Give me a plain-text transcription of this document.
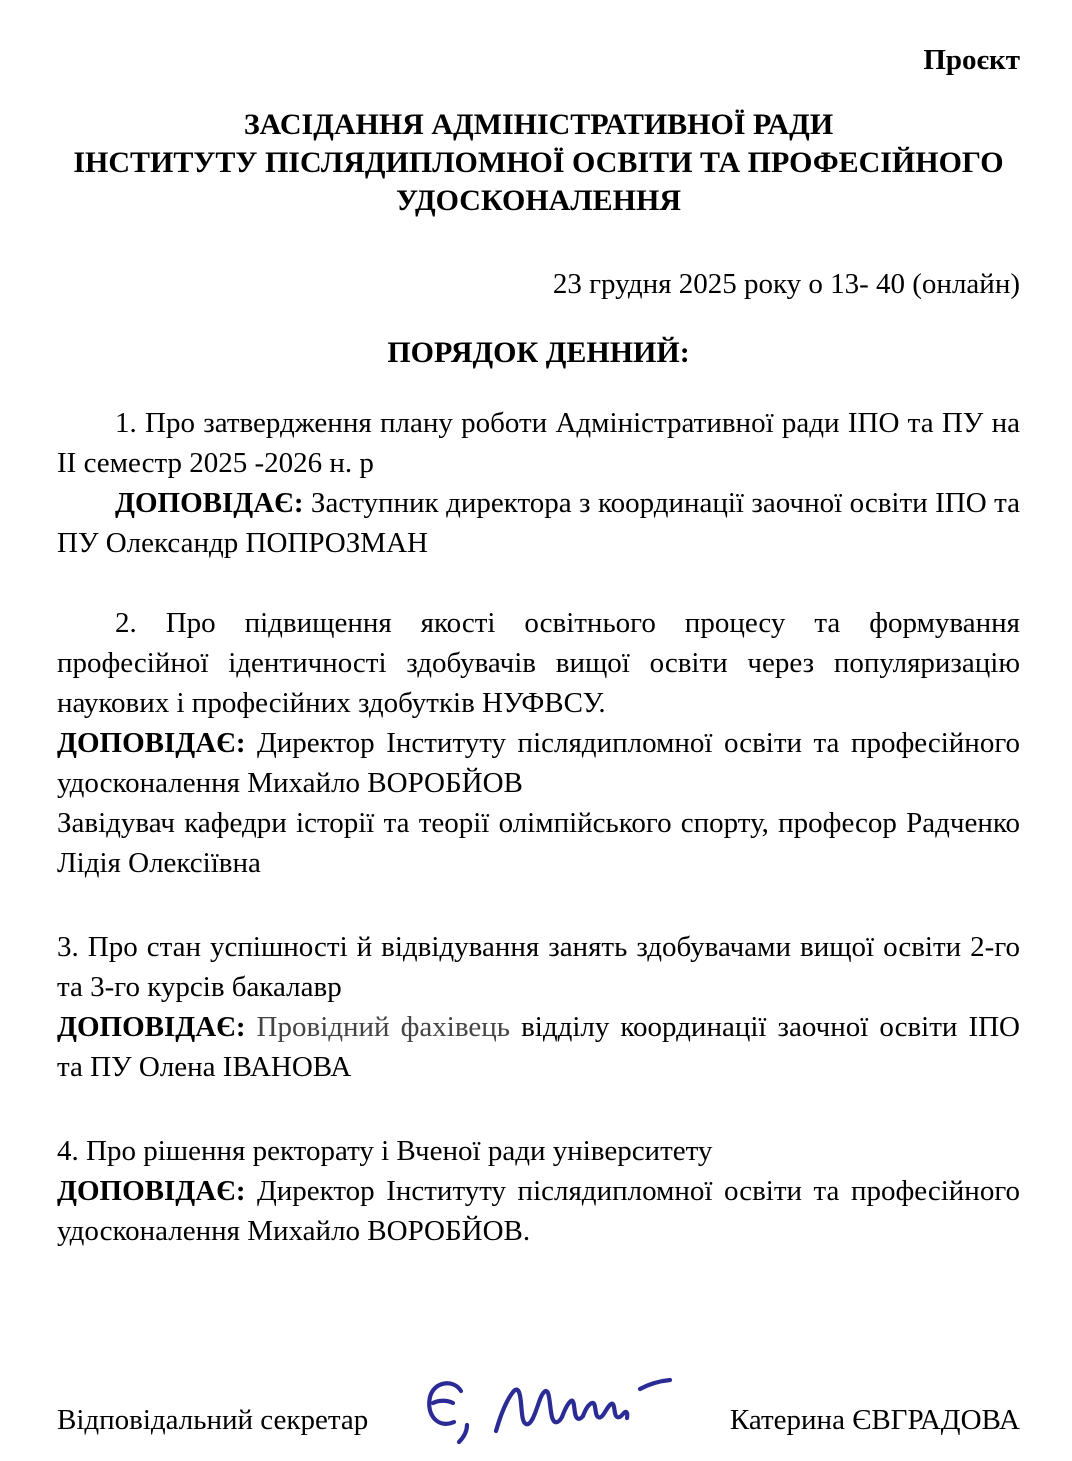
Проєкт

ЗАСІДАННЯ АДМІНІСТРАТИВНОЇ РАДИ
ІНСТИТУТУ ПІСЛЯДИПЛОМНОЇ ОСВІТИ ТА ПРОФЕСІЙНОГО
УДОСКОНАЛЕННЯ

23 грудня 2025 року о 13- 40 (онлайн)

ПОРЯДОК ДЕННИЙ:

1. Про затвердження плану роботи Адміністративної ради ІПО та ПУ на ІІ семестр 2025 -2026 н. р

ДОПОВІДАЄ: Заступник директора з координації заочної освіти ІПО та ПУ Олександр ПОПРОЗМАН

2. Про підвищення якості освітнього процесу та формування професійної ідентичності здобувачів вищої освіти через популяризацію наукових і професійних здобутків НУФВСУ.

ДОПОВІДАЄ: Директор Інституту післядипломної освіти та професійного удосконалення Михайло ВОРОБЙОВ

Завідувач кафедри історії та теорії олімпійського спорту, професор Радченко Лідія Олексіївна

3. Про стан успішності й відвідування занять здобувачами вищої освіти 2-го та 3-го курсів бакалавр

ДОПОВІДАЄ: Провідний фахівець відділу координації заочної освіти ІПО та ПУ Олена ІВАНОВА

4. Про рішення ректорату і Вченої ради університету

ДОПОВІДАЄ: Директор Інституту післядипломної освіти та професійного удосконалення Михайло ВОРОБЙОВ.

Відповідальний секретар	Катерина ЄВГРАДОВА
